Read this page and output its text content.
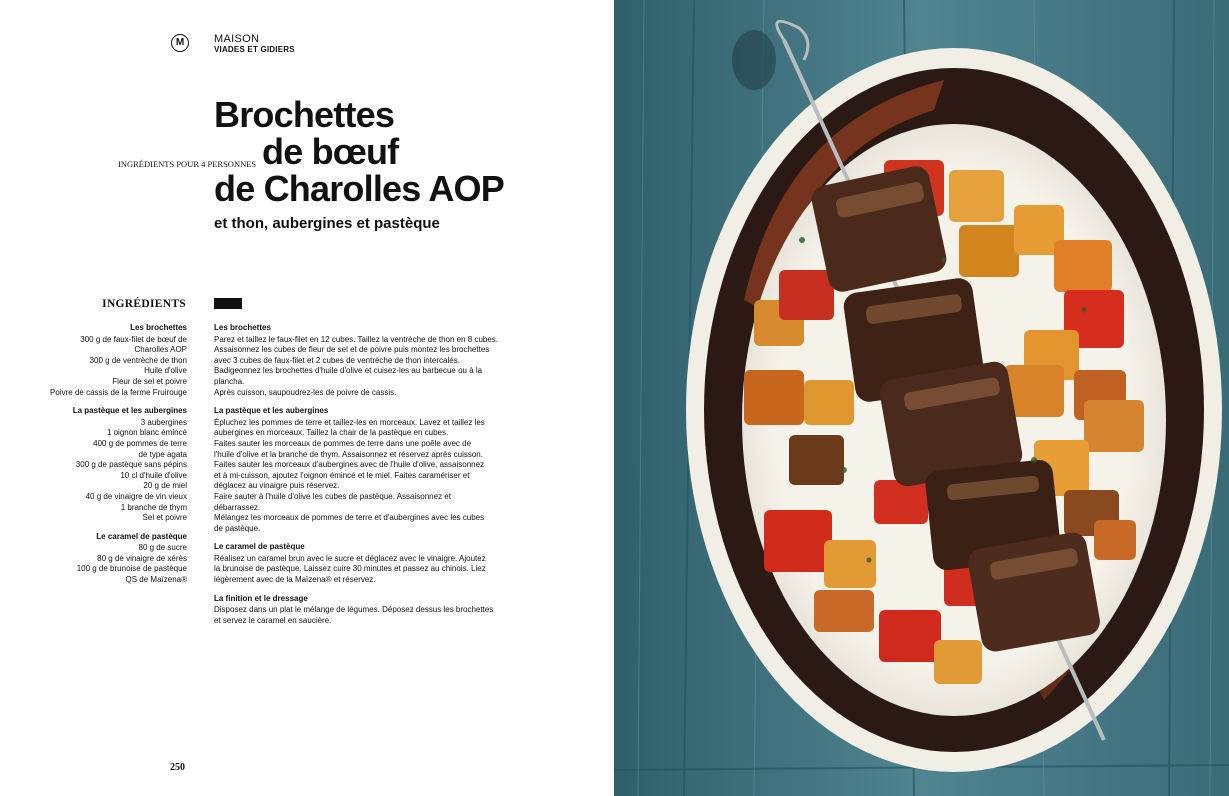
M	MAISON
VIADES ET GIDIERS
Brochettes
de bœuf
de Charolles AOP
INGRÉDIENTS POUR 4 PERSONNES
et thon, aubergines et pastèque
INGRÉDIENTS
Les brochettes
300 g de faux-filet de bœuf de
Charolles AOP
300 g de ventrèche de thon
Huile d'olive
Fleur de sel et poivre
Poivre de cassis de la ferme Fruirouge
La pastèque et les aubergines
3 aubergines
1 oignon blanc émincé
400 g de pommes de terre
de type agata
300 g de pastèque sans pépins
10 cl d'huile d'olive
20 g de miel
40 g de vinaigre de vin vieux
1 branche de thym
Sel et poivre
Le caramel de pastèque
80 g de sucre
80 g de vinaigre de xérès
100 g de brunoise de pastèque
QS de Maïzena®
Les brochettes

Parez et taillez le faux-filet en 12 cubes. Taillez la ventrèche de thon en 8 cubes.

Assaisonnez les cubes de fleur de sel et de poivre puis montez les brochettes

avec 3 cubes de faux-filet et 2 cubes de ventrèche de thon intercalés.

Badigeonnez les brochettes d'huile d'olive et cuisez-les au barbecue ou à la

plancha.

Après cuisson, saupoudrez-les de poivre de cassis.

La pastèque et les aubergines

Épluchez les pommes de terre et taillez-les en morceaux. Lavez et taillez les

aubergines en morceaux. Taillez la chair de la pastèque en cubes.

Faites sauter les morceaux de pommes de terre dans une poêle avec de

l'huile d'olive et la branche de thym. Assaisonnez et réservez après cuisson.

Faites sauter les morceaux d'aubergines avec de l'huile d'olive, assaisonnez

et à mi-cuisson, ajoutez l'oignon émincé et le miel. Faites caramériser et

déglacez au vinaigre puis réservez.

Faire sauter à l'huile d'olive les cubes de pastèque. Assaisonnez et

débarrassez.

Mélangez les morceaux de pommes de terre et d'aubergines avec les cubes

de pastèque.

Le caramel de pastèque

Réalisez un caramel brun avec le sucre et déglacez avec le vinaigre. Ajoutez

la brunoise de pastèque. Laissez cuire 30 minutes et passez au chinois. Liez

légèrement avec de la Maïzena® et réservez.

La finition et le dressage

Disposez dans un plat le mélange de légumes. Déposez dessus les brochettes

et servez le caramel en saucière.

250
